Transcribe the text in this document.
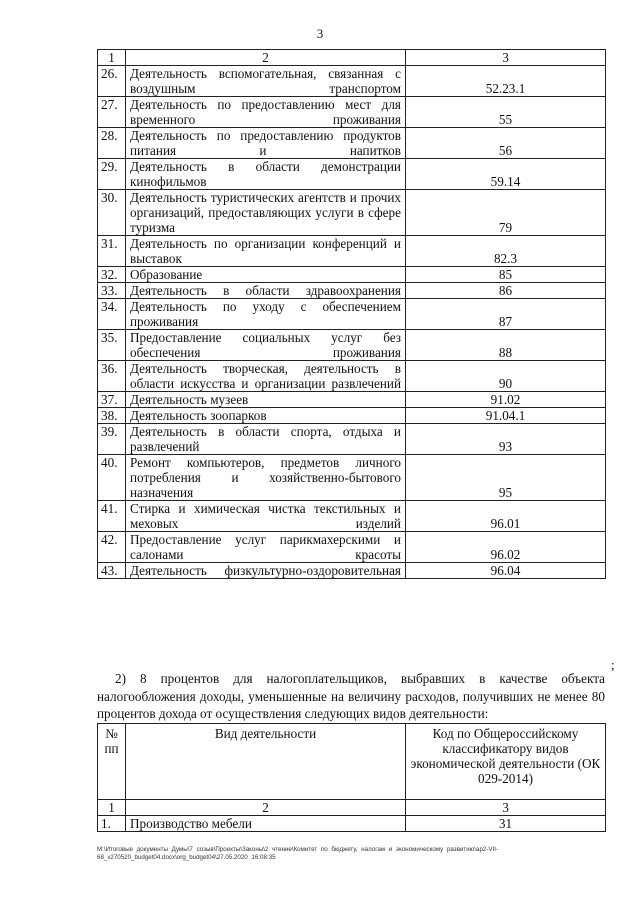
3
1	2	3
26.	Деятельность вспомогательная, связанная с воздушным транспортом	52.23.1
27.	Деятельность по предоставлению мест для временного проживания	55
28.	Деятельность по предоставлению продуктов питания и напитков	56
29.	Деятельность в области демонстрации кинофильмов	59.14
30.	Деятельность туристических агентств и прочих организаций, предоставляющих услуги в сфере туризма	79
31.	Деятельность по организации конференций и выставок	82.3
32.	Образование	85
33.	Деятельность в области здравоохранения	86
34.	Деятельность по уходу с обеспечением проживания	87
35.	Предоставление социальных услуг без обеспечения проживания	88
36.	Деятельность творческая, деятельность в области искусства и организации развлечений	90
37.	Деятельность музеев	91.02
38.	Деятельность зоопарков	91.04.1
39.	Деятельность в области спорта, отдыха и развлечений	93
40.	Ремонт компьютеров, предметов личного потребления и хозяйственно-бытового назначения	95
41.	Стирка и химическая чистка текстильных и меховых изделий	96.01
42.	Предоставление услуг парикмахерскими и салонами красоты	96.02
43.	Деятельность физкультурно-оздоровительная	96.04
;
2) 8 процентов для налогоплательщиков, выбравших в качестве объекта налогообложения доходы, уменьшенные на величину расходов, получивших не менее 80 процентов дохода от осуществления следующих видов деятельности:
№ пп	Вид деятельности	Код по Общероссийскому классификатору видов экономической деятельности (ОК 029-2014)
1	2	3
1.	Производство мебели	31
M:\Итоговые документы Думы\7 созыв\Проекты\Законы\2 чтение\Комитет по бюджету, налогам и экономическому развитию\ap2-VII-68_v270520_budget04.docx\org_budget04\27.05.2020 16:08:35
